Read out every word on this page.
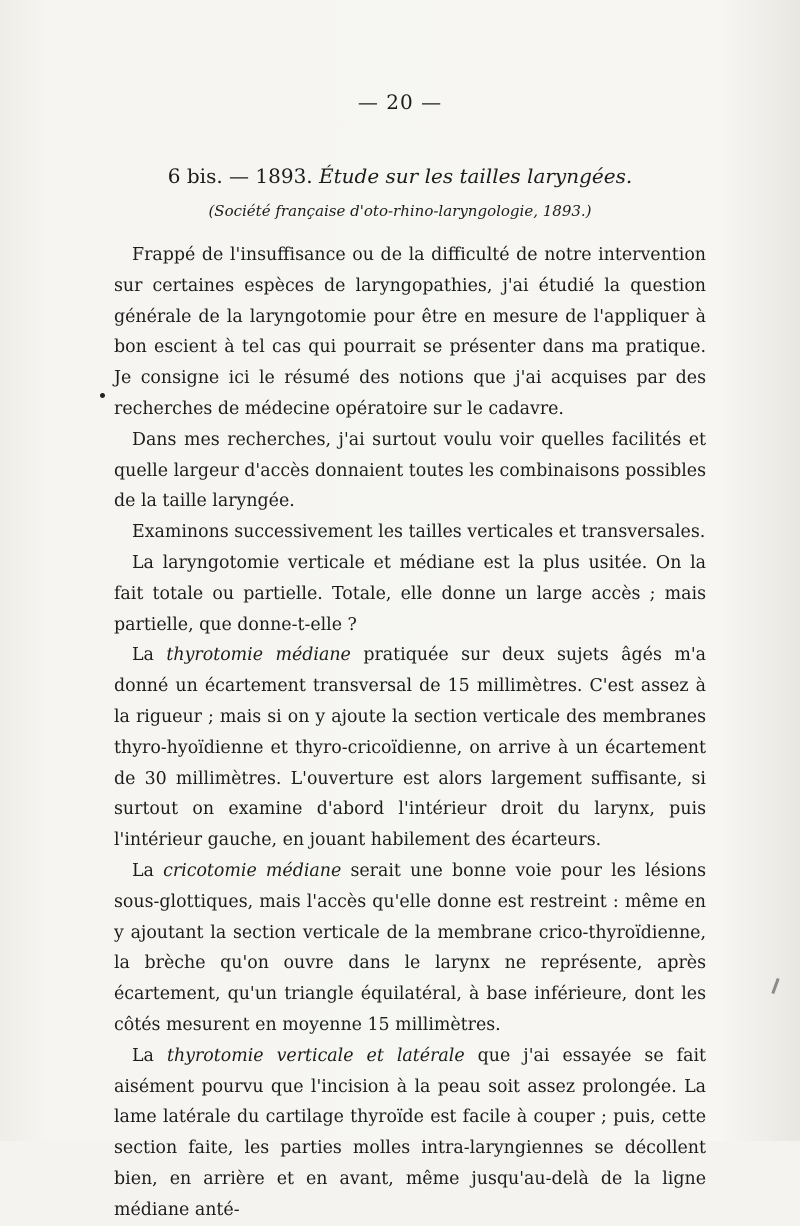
— 20 —
6 bis. — 1893. Étude sur les tailles laryngées.
(Société française d'oto-rhino-laryngologie, 1893.)

Frappé de l'insuffisance ou de la difficulté de notre intervention sur certaines espèces de laryngopathies, j'ai étudié la question générale de la laryngotomie pour être en mesure de l'appliquer à bon escient à tel cas qui pourrait se présenter dans ma pratique. Je consigne ici le résumé des notions que j'ai acquises par des recherches de médecine opératoire sur le cadavre.

Dans mes recherches, j'ai surtout voulu voir quelles facilités et quelle largeur d'accès donnaient toutes les combinaisons possibles de la taille laryngée.

Examinons successivement les tailles verticales et transversales.

La laryngotomie verticale et médiane est la plus usitée. On la fait totale ou partielle. Totale, elle donne un large accès ; mais partielle, que donne-t-elle ?

La thyrotomie médiane pratiquée sur deux sujets âgés m'a donné un écartement transversal de 15 millimètres. C'est assez à la rigueur ; mais si on y ajoute la section verticale des membranes thyro-hyoïdienne et thyro-cricoïdienne, on arrive à un écartement de 30 millimètres. L'ouverture est alors largement suffisante, si surtout on examine d'abord l'intérieur droit du larynx, puis l'intérieur gauche, en jouant habilement des écarteurs.

La cricotomie médiane serait une bonne voie pour les lésions sous-glottiques, mais l'accès qu'elle donne est restreint : même en y ajoutant la section verticale de la membrane crico-thyroïdienne, la brèche qu'on ouvre dans le larynx ne représente, après écartement, qu'un triangle équilatéral, à base inférieure, dont les côtés mesurent en moyenne 15 millimètres.

La thyrotomie verticale et latérale que j'ai essayée se fait aisément pourvu que l'incision à la peau soit assez prolongée. La lame latérale du cartilage thyroïde est facile à couper ; puis, cette section faite, les parties molles intra-laryngiennes se décollent bien, en arrière et en avant, même jusqu'au-delà de la ligne médiane anté-
